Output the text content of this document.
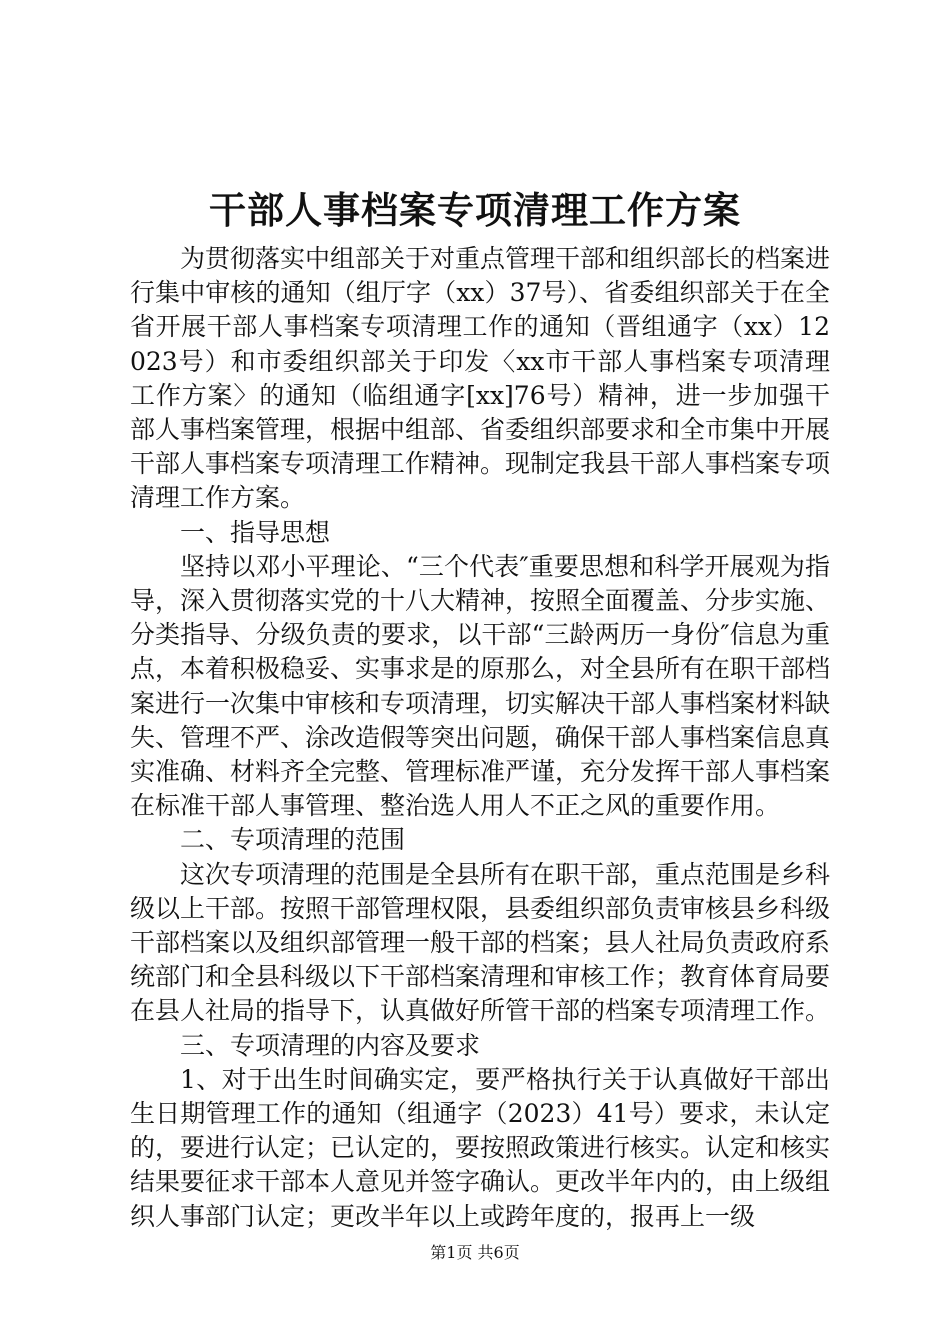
干部人事档案专项清理工作方案

为贯彻落实中组部关于对重点管理干部和组织部长的档案进行集中审核的通知（组厅字（xx）37号）、省委组织部关于在全省开展干部人事档案专项清理工作的通知（晋组通字（xx）12023号）和市委组织部关于印发〈xx市干部人事档案专项清理工作方案〉的通知（临组通字[xx]76号）精神，进一步加强干部人事档案管理，根据中组部、省委组织部要求和全市集中开展干部人事档案专项清理工作精神。现制定我县干部人事档案专项清理工作方案。

一、指导思想

坚持以邓小平理论、“三个代表″重要思想和科学开展观为指导，深入贯彻落实党的十八大精神，按照全面覆盖、分步实施、分类指导、分级负责的要求，以干部“三龄两历一身份″信息为重点，本着积极稳妥、实事求是的原那么，对全县所有在职干部档案进行一次集中审核和专项清理，切实解决干部人事档案材料缺失、管理不严、涂改造假等突出问题，确保干部人事档案信息真实准确、材料齐全完整、管理标准严谨，充分发挥干部人事档案在标准干部人事管理、整治选人用人不正之风的重要作用。

二、专项清理的范围

这次专项清理的范围是全县所有在职干部，重点范围是乡科级以上干部。按照干部管理权限，县委组织部负责审核县乡科级干部档案以及组织部管理一般干部的档案；县人社局负责政府系统部门和全县科级以下干部档案清理和审核工作；教育体育局要在县人社局的指导下，认真做好所管干部的档案专项清理工作。

三、专项清理的内容及要求

1、对于出生时间确实定，要严格执行关于认真做好干部出生日期管理工作的通知（组通字（2023）41号）要求，未认定的，要进行认定；已认定的，要按照政策进行核实。认定和核实结果要征求干部本人意见并签字确认。更改半年内的，由上级组织人事部门认定；更改半年以上或跨年度的，报再上一级

第1页 共6页
